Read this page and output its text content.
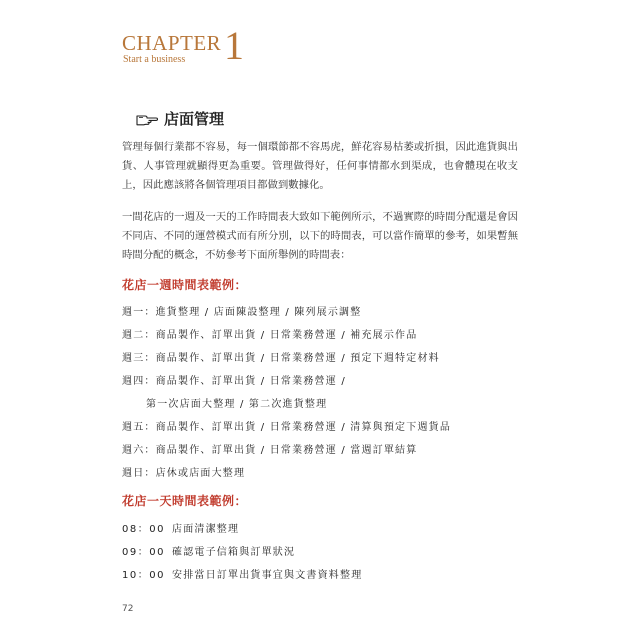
CHAPTER
Start a business 1
店面管理

管理每個行業都不容易，每一個環節都不容馬虎，鮮花容易枯萎或折損，因此進貨與出貨、人事管理就顯得更為重要。管理做得好，任何事情都水到渠成，也會體現在收支上，因此應該將各個管理項目都做到數據化。

一間花店的一週及一天的工作時間表大致如下範例所示，不過實際的時間分配還是會因不同店、不同的運營模式而有所分別，以下的時間表，可以當作簡單的參考，如果暫無時間分配的概念，不妨參考下面所舉例的時間表：

花店一週時間表範例：
週一：進貨整理 / 店面陳設整理 / 陳列展示調整
週二：商品製作、訂單出貨 / 日常業務營運 / 補充展示作品
週三：商品製作、訂單出貨 / 日常業務營運 / 預定下週特定材料
週四：商品製作、訂單出貨 / 日常業務營運 /
第一次店面大整理 / 第二次進貨整理
週五：商品製作、訂單出貨 / 日常業務營運 / 清算與預定下週貨品
週六：商品製作、訂單出貨 / 日常業務營運 / 當週訂單結算
週日：店休或店面大整理
花店一天時間表範例：
08：00 店面清潔整理
09：00 確認電子信箱與訂單狀況
10：00 安排當日訂單出貨事宜與文書資料整理
72
